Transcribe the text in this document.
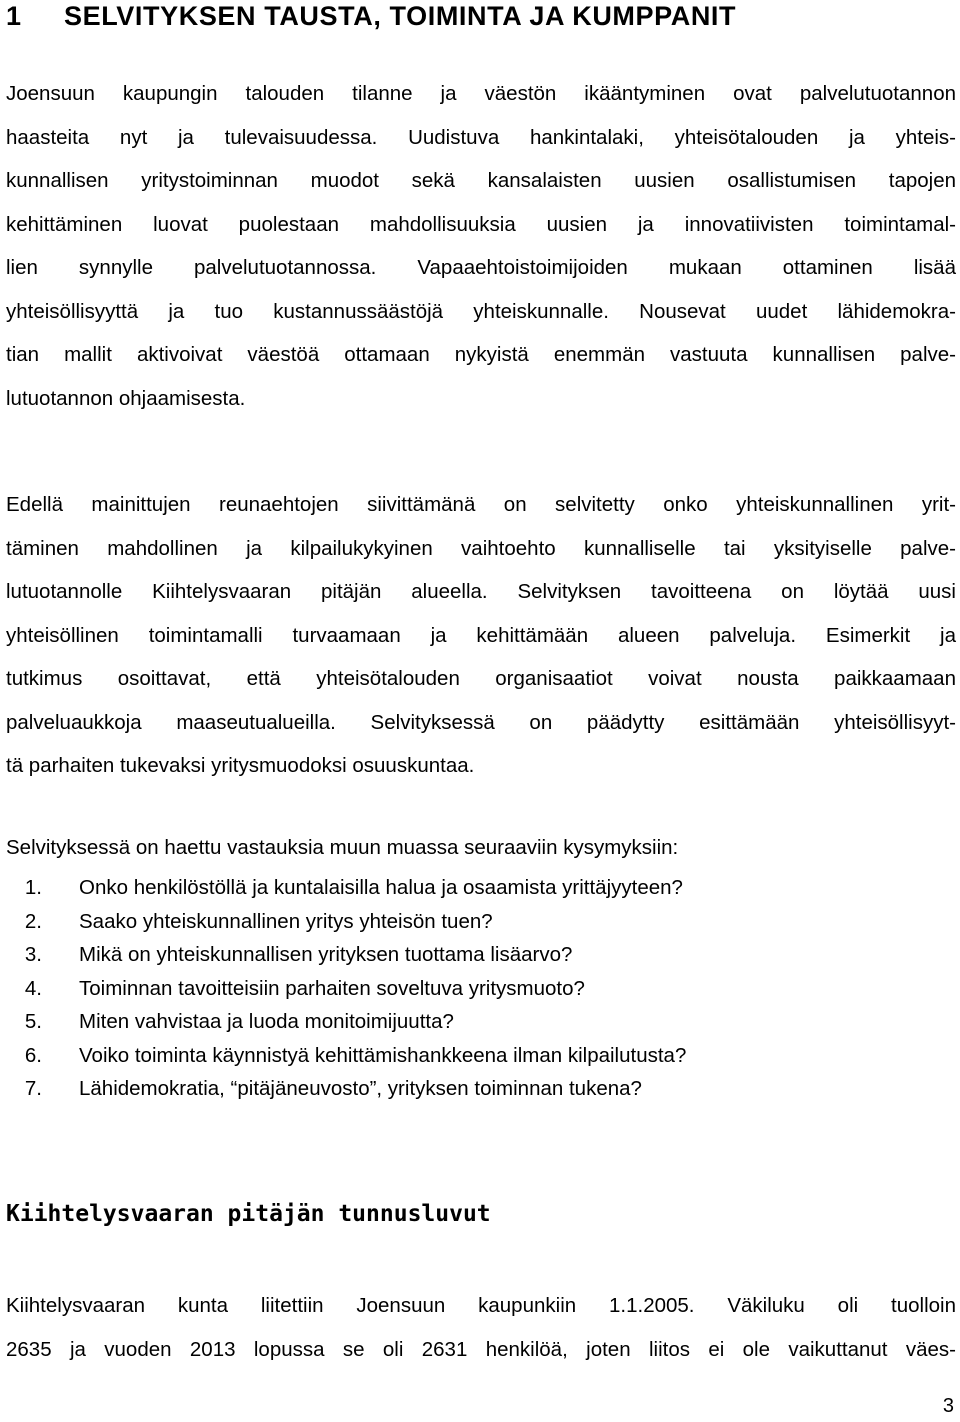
1 SELVITYKSEN TAUSTA, TOIMINTA JA KUMPPANIT
Joensuun kaupungin talouden tilanne ja väestön ikääntyminen ovat palvelutuotannon
haasteita nyt ja tulevaisuudessa. Uudistuva hankintalaki, yhteisötalouden ja yhteis-
kunnallisen yritystoiminnan muodot sekä kansalaisten uusien osallistumisen tapojen
kehittäminen luovat puolestaan mahdollisuuksia uusien ja innovatiivisten toimintamal-
lien synnylle palvelutuotannossa. Vapaaehtoistoimijoiden mukaan ottaminen lisää
yhteisöllisyyttä ja tuo kustannussäästöjä yhteiskunnalle. Nousevat uudet lähidemokra-
tian mallit aktivoivat väestöä ottamaan nykyistä enemmän vastuuta kunnallisen palve-
lutuotannon ohjaamisesta.
Edellä mainittujen reunaehtojen siivittämänä on selvitetty onko yhteiskunnallinen yrit-
täminen mahdollinen ja kilpailukykyinen vaihtoehto kunnalliselle tai yksityiselle palve-
lutuotannolle Kiihtelysvaaran pitäjän alueella. Selvityksen tavoitteena on löytää uusi
yhteisöllinen toimintamalli turvaamaan ja kehittämään alueen palveluja. Esimerkit ja
tutkimus osoittavat, että yhteisötalouden organisaatiot voivat nousta paikkaamaan
palveluaukkoja maaseutualueilla. Selvityksessä on päädytty esittämään yhteisöllisyyt-
tä parhaiten tukevaksi yritysmuodoksi osuuskuntaa.
Selvityksessä on haettu vastauksia muun muassa seuraaviin kysymyksiin:
1. Onko henkilöstöllä ja kuntalaisilla halua ja osaamista yrittäjyyteen?
2. Saako yhteiskunnallinen yritys yhteisön tuen?
3. Mikä on yhteiskunnallisen yrityksen tuottama lisäarvo?
4. Toiminnan tavoitteisiin parhaiten soveltuva yritysmuoto?
5. Miten vahvistaa ja luoda monitoimijuutta?
6. Voiko toiminta käynnistyä kehittämishankkeena ilman kilpailutusta?
7. Lähidemokratia, “pitäjäneuvosto”, yrityksen toiminnan tukena?
Kiihtelysvaaran pitäjän tunnusluvut
Kiihtelysvaaran kunta liitettiin Joensuun kaupunkiin 1.1.2005. Väkiluku oli tuolloin
2635 ja vuoden 2013 lopussa se oli 2631 henkilöä, joten liitos ei ole vaikuttanut väes-
3
